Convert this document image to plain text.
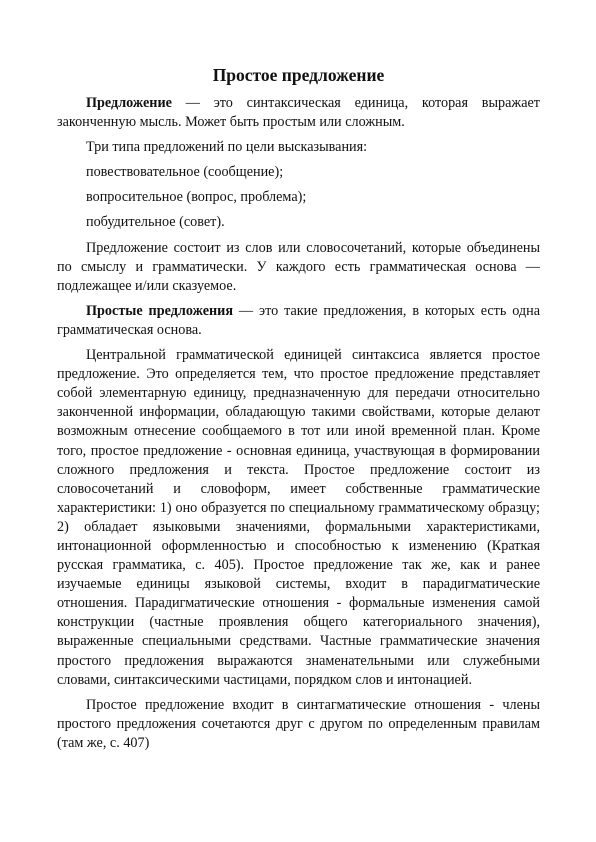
Простое предложение

Предложение — это синтаксическая единица, которая выражает законченную мысль. Может быть простым или сложным.

Три типа предложений по цели высказывания:

повествовательное (сообщение);

вопросительное (вопрос, проблема);

побудительное (совет).

Предложение состоит из слов или словосочетаний, которые объединены по смыслу и грамматически. У каждого есть грамматическая основа — подлежащее и/или сказуемое.

Простые предложения — это такие предложения, в которых есть одна грамматическая основа.

Центральной грамматической единицей синтаксиса является простое предложение. Это определяется тем, что простое предложение представляет собой элементарную единицу, предназначенную для передачи относительно законченной информации, обладающую такими свойствами, которые делают возможным отнесение сообщаемого в тот или иной временной план. Кроме того, простое предложение - основная единица, участвующая в формировании сложного предложения и текста. Простое предложение состоит из словосочетаний и словоформ, имеет собственные грамматические характеристики: 1) оно образуется по специальному грамматическому образцу; 2) обладает языковыми значениями, формальными характеристиками, интонационной оформленностью и способностью к изменению (Краткая русская грамматика, с. 405). Простое предложение так же, как и ранее изучаемые единицы языковой системы, входит в парадигматические отношения. Парадигматические отношения - формальные изменения самой конструкции (частные проявления общего категориального значения), выраженные специальными средствами. Частные грамматические значения простого предложения выражаются знаменательными или служебными словами, синтаксическими частицами, порядком слов и интонацией.

Простое предложение входит в синтагматические отношения - члены простого предложения сочетаются друг с другом по определенным правилам (там же, с. 407)
